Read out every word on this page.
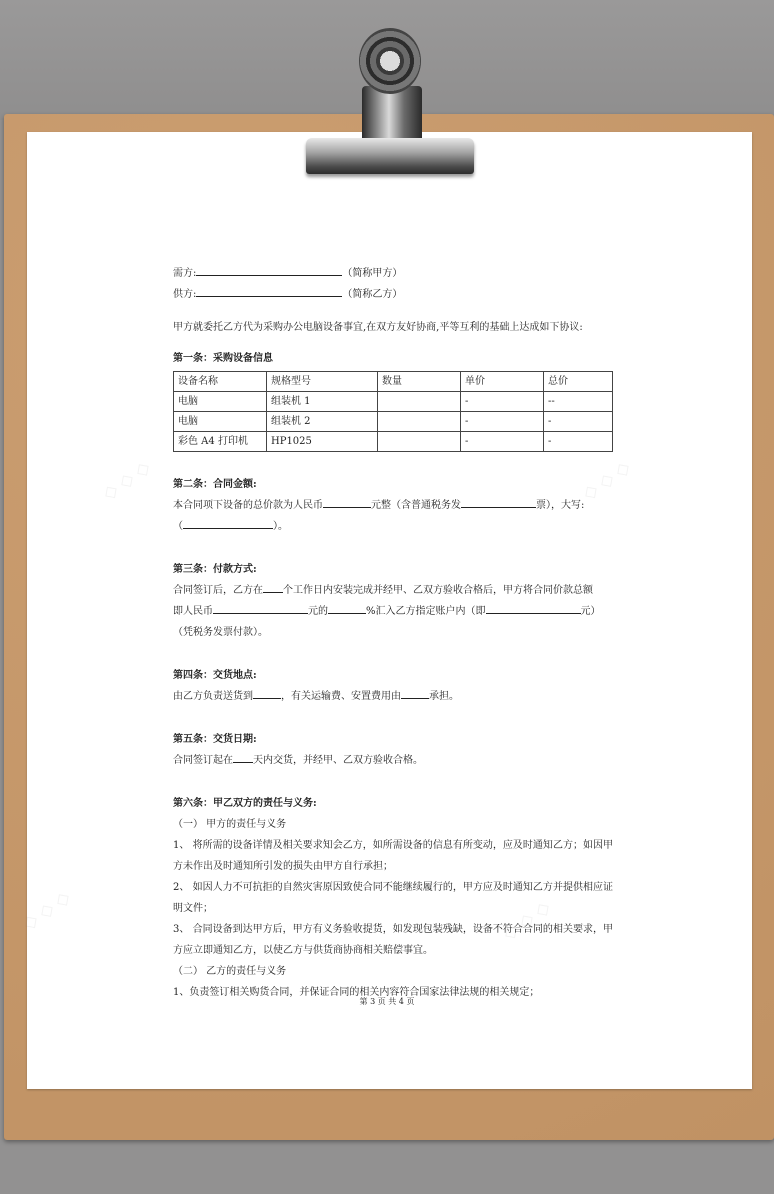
◇ ◇ ◇	◇ ◇ ◇
◇ ◇ ◇	◇ ◇ ◇
需方:	（简称甲方）
供方:	（简称乙方）
甲方就委托乙方代为采购办公电脑设备事宜,在双方友好协商,平等互利的基础上达成如下协议:
第一条：采购设备信息
设备名称	规格型号	数量	单价	总价
电脑	组装机 1		-	--
电脑	组装机 2		-	-
彩色 A4 打印机	HP1025		-	-
第二条：合同金额:
本合同项下设备的总价款为人民币	元整（含普通税务发	票），大写:
（	）。
第三条：付款方式:
合同签订后，乙方在 个工作日内安装完成并经甲、乙双方验收合格后，甲方将合同价款总额
即人民币	元的	%汇入乙方指定账户内（即	元）
（凭税务发票付款）。
第四条：交货地点:
由乙方负责送货到	，有关运输费、安置费用由	承担。
第五条：交货日期:
合同签订起在 天内交货，并经甲、乙双方验收合格。
第六条：甲乙双方的责任与义务:
（一） 甲方的责任与义务
1、 将所需的设备详情及相关要求知会乙方，如所需设备的信息有所变动，应及时通知乙方；如因甲方未作出及时通知所引发的损失由甲方自行承担；
2、 如因人力不可抗拒的自然灾害原因致使合同不能继续履行的，甲方应及时通知乙方并提供相应证明文件；
3、 合同设备到达甲方后，甲方有义务验收提货，如发现包装残缺，设备不符合合同的相关要求，甲方应立即通知乙方，以使乙方与供货商协商相关赔偿事宜。
（二） 乙方的责任与义务
1、负责签订相关购货合同，并保证合同的相关内容符合国家法律法规的相关规定；
第 3 页 共 4 页
